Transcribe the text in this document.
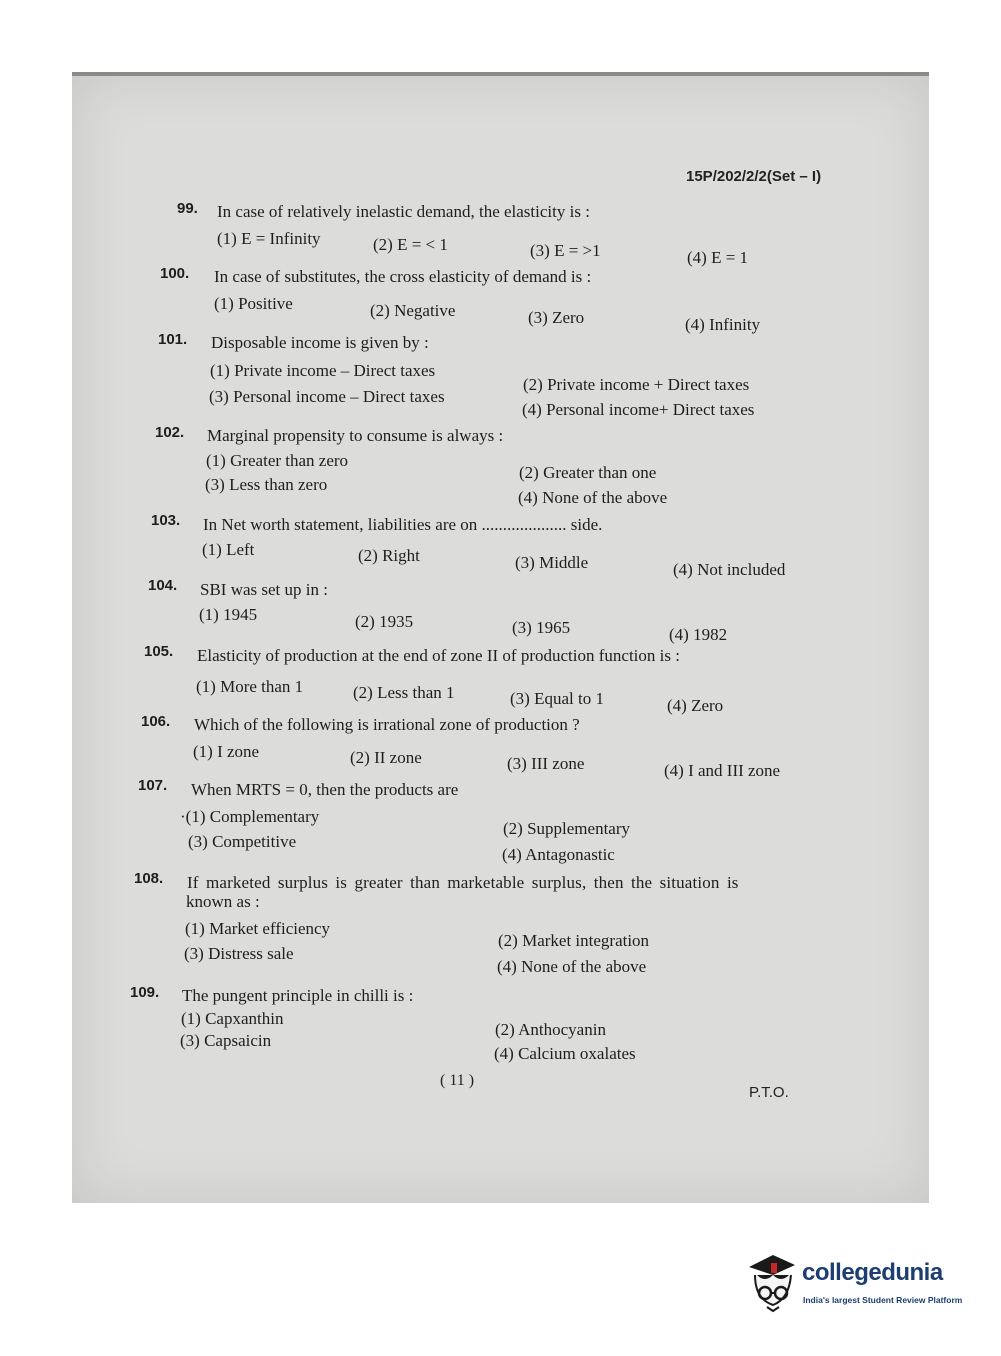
15P/202/2/2(Set – I)
99. In case of relatively inelastic demand, the elasticity is :
(1) E = Infinity	(2) E = < 1	(3) E = >1	(4) E = 1
100. In case of substitutes, the cross elasticity of demand is :
(1) Positive	(2) Negative	(3) Zero	(4) Infinity
101. Disposable income is given by :
(1) Private income – Direct taxes
(2) Private income + Direct taxes
(3) Personal income – Direct taxes
(4) Personal income+ Direct taxes
102. Marginal propensity to consume is always :
(1) Greater than zero
(2) Greater than one
(3) Less than zero
(4) None of the above
103. In Net worth statement, liabilities are on .................... side.
(1) Left	(2) Right	(3) Middle	(4) Not included
104. SBI was set up in :
(1) 1945	(2) 1935	(3) 1965	(4) 1982
105. Elasticity of production at the end of zone II of production function is :
(1) More than 1	(2) Less than 1	(3) Equal to 1	(4) Zero
106. Which of the following is irrational zone of production ?
(1) I zone	(2) II zone	(3) III zone	(4) I and III zone
107. When MRTS = 0, then the products are
·(1) Complementary
(2) Supplementary
(3) Competitive
(4) Antagonastic
108. If marketed surplus is greater than marketable surplus, then the situation is
known as :
(1) Market efficiency
(2) Market integration
(3) Distress sale
(4) None of the above
109. The pungent principle in chilli is :
(1) Capxanthin
(2) Anthocyanin
(3) Capsaicin
(4) Calcium oxalates
( 11 )
P.T.O.
collegedunia
India's largest Student Review Platform
